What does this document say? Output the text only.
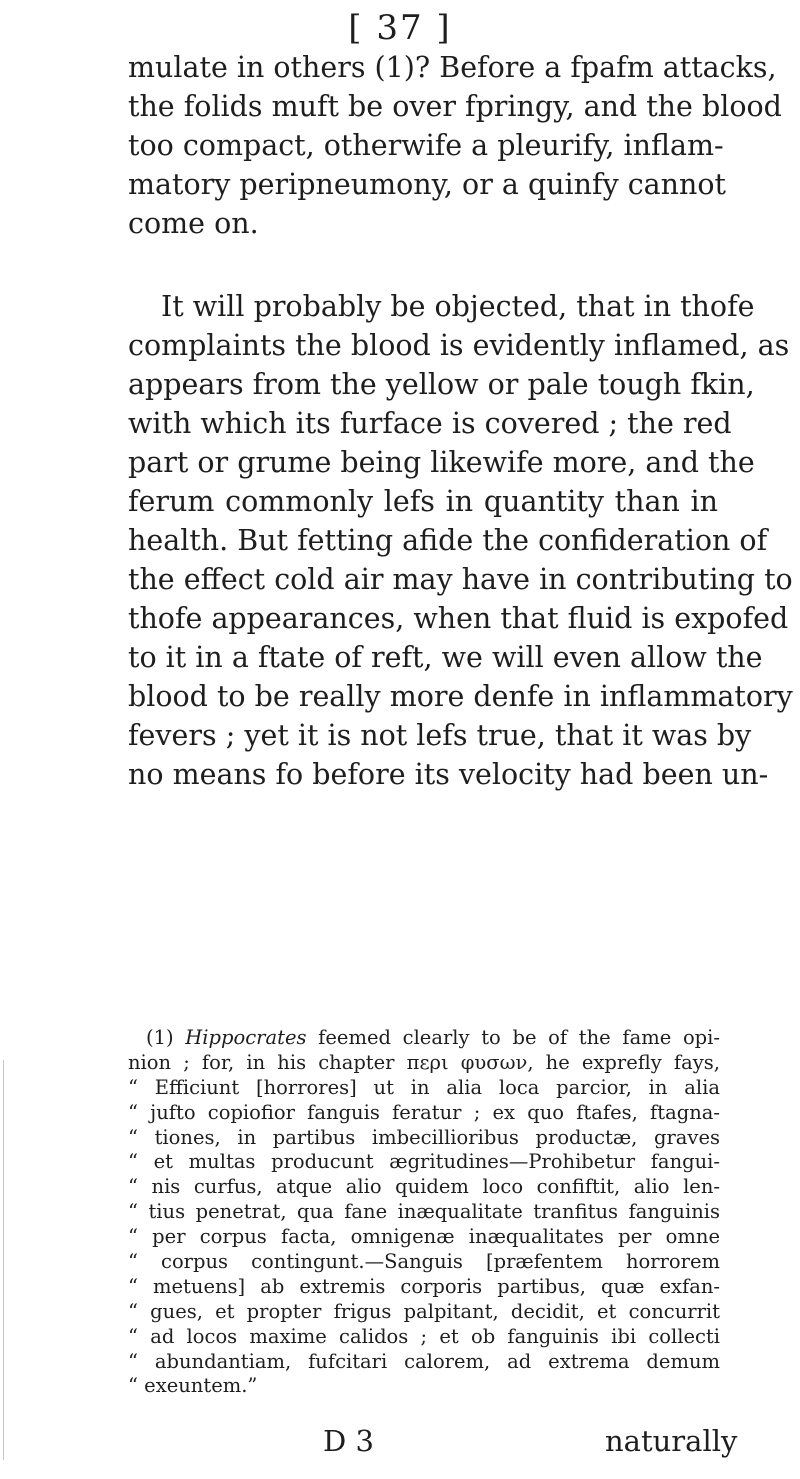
[ 37 ]
mulate in others (1)? Before a fpafm attacks,
the folids muft be over fpringy, and the blood
too compact, otherwife a pleurify, inflam-
matory peripneumony, or a quinfy cannot
come on.
It will probably be objected, that in thofe
complaints the blood is evidently inflamed, as
appears from the yellow or pale tough fkin,
with which its furface is covered ; the red
part or grume being likewife more, and the
ferum commonly lefs in quantity than in
health. But fetting afide the confideration of
the effect cold air may have in contributing to
thofe appearances, when that fluid is expofed
to it in a ftate of reft, we will even allow the
blood to be really more denfe in inflammatory
fevers ; yet it is not lefs true, that it was by
no means fo before its velocity had been un-
(1) Hippocrates feemed clearly to be of the fame opi-
nion ; for, in his chapter περι φυσων, he exprefly fays,
“ Efficiunt [horrores] ut in alia loca parcior, in alia
“ jufto copiofior fanguis feratur ; ex quo ftafes, ftagna-
“ tiones, in partibus imbecillioribus productæ, graves
“ et multas producunt ægritudines—Prohibetur fangui-
“ nis curfus, atque alio quidem loco confiftit, alio len-
“ tius penetrat, qua fane inæqualitate tranfitus fanguinis
“ per corpus facta, omnigenæ inæqualitates per omne
“ corpus contingunt.—Sanguis [præfentem horrorem
“ metuens] ab extremis corporis partibus, quæ exfan-
“ gues, et propter frigus palpitant, decidit, et concurrit
“ ad locos maxime calidos ; et ob fanguinis ibi collecti
“ abundantiam, fufcitari calorem, ad extrema demum
“ exeuntem.”
D 3	naturally
